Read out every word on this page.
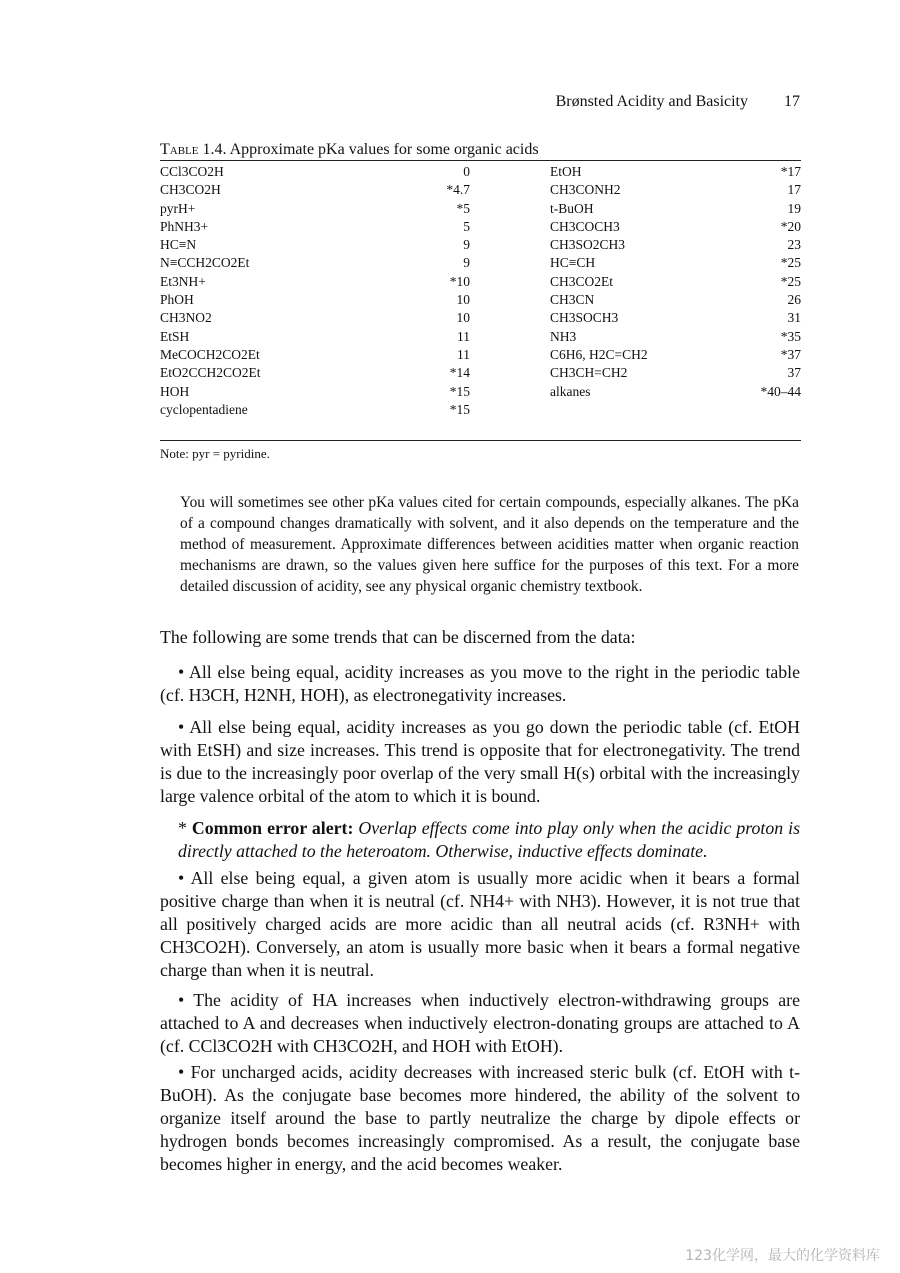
Brønsted Acidity and Basicity 17
Table 1.4. Approximate pKa values for some organic acids
CCl3CO2H	0	EtOH	*17
CH3CO2H	*4.7	CH3CONH2	17
pyrH+	*5	t-BuOH	19
PhNH3+	5	CH3COCH3	*20
HC≡N	9	CH3SO2CH3	23
N≡CCH2CO2Et	9	HC≡CH	*25
Et3NH+	*10	CH3CO2Et	*25
PhOH	10	CH3CN	26
CH3NO2	10	CH3SOCH3	31
EtSH	11	NH3	*35
MeCOCH2CO2Et	11	C6H6, H2C=CH2	*37
EtO2CCH2CO2Et	*14	CH3CH=CH2	37
HOH	*15	alkanes	*40–44
cyclopentadiene	*15		
Note: pyr = pyridine.

You will sometimes see other pKa values cited for certain compounds, especially alkanes. The pKa of a compound changes dramatically with solvent, and it also depends on the temperature and the method of measurement. Approximate differences between acidities matter when organic reaction mechanisms are drawn, so the values given here suffice for the purposes of this text. For a more detailed discussion of acidity, see any physical organic chemistry textbook.

The following are some trends that can be discerned from the data:

• All else being equal, acidity increases as you move to the right in the periodic table (cf. H3CH, H2NH, HOH), as electronegativity increases.

• All else being equal, acidity increases as you go down the periodic table (cf. EtOH with EtSH) and size increases. This trend is opposite that for electronegativity. The trend is due to the increasingly poor overlap of the very small H(s) orbital with the increasingly large valence orbital of the atom to which it is bound.

* Common error alert: Overlap effects come into play only when the acidic proton is directly attached to the heteroatom. Otherwise, inductive effects dominate.

• All else being equal, a given atom is usually more acidic when it bears a formal positive charge than when it is neutral (cf. NH4+ with NH3). However, it is not true that all positively charged acids are more acidic than all neutral acids (cf. R3NH+ with CH3CO2H). Conversely, an atom is usually more basic when it bears a formal negative charge than when it is neutral.

• The acidity of HA increases when inductively electron-withdrawing groups are attached to A and decreases when inductively electron-donating groups are attached to A (cf. CCl3CO2H with CH3CO2H, and HOH with EtOH).

• For uncharged acids, acidity decreases with increased steric bulk (cf. EtOH with t-BuOH). As the conjugate base becomes more hindered, the ability of the solvent to organize itself around the base to partly neutralize the charge by dipole effects or hydrogen bonds becomes increasingly compromised. As a result, the conjugate base becomes higher in energy, and the acid becomes weaker.

123化学网，最大的化学资料库
